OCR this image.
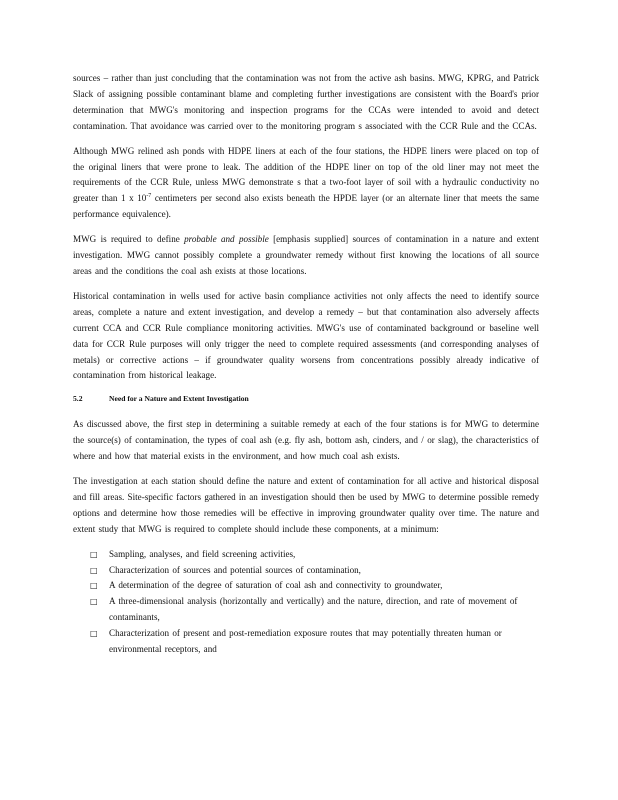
sources – rather than just concluding that the contamination was not from the active ash basins. MWG, KPRG, and Patrick Slack of assigning possible contaminant blame and completing further investigations are consistent with the Board's prior determination that MWG's monitoring and inspection programs for the CCAs were intended to avoid and detect contamination. That avoidance was carried over to the monitoring program s associated with the CCR Rule and the CCAs.

Although MWG relined ash ponds with HDPE liners at each of the four stations, the HDPE liners were placed on top of the original liners that were prone to leak. The addition of the HDPE liner on top of the old liner may not meet the requirements of the CCR Rule, unless MWG demonstrate s that a two-foot layer of soil with a hydraulic conductivity no greater than 1 x $10^{-7}$ centimeters per second also exists beneath the HPDE layer (or an alternate liner that meets the same performance equivalence).

MWG is required to define probable and possible [emphasis supplied] sources of contamination in a nature and extent investigation. MWG cannot possibly complete a groundwater remedy without first knowing the locations of all source areas and the conditions the coal ash exists at those locations.

Historical contamination in wells used for active basin compliance activities not only affects the need to identify source areas, complete a nature and extent investigation, and develop a remedy – but that contamination also adversely affects current CCA and CCR Rule compliance monitoring activities. MWG's use of contaminated background or baseline well data for CCR Rule purposes will only trigger the need to complete required assessments (and corresponding analyses of metals) or corrective actions – if groundwater quality worsens from concentrations possibly already indicative of contamination from historical leakage.

5.2	Need for a Nature and Extent Investigation

As discussed above, the first step in determining a suitable remedy at each of the four stations is for MWG to determine the source(s) of contamination, the types of coal ash (e.g. fly ash, bottom ash, cinders, and / or slag), the characteristics of where and how that material exists in the environment, and how much coal ash exists.

The investigation at each station should define the nature and extent of contamination for all active and historical disposal and fill areas. Site-specific factors gathered in an investigation should then be used by MWG to determine possible remedy options and determine how those remedies will be effective in improving groundwater quality over time. The nature and extent study that MWG is required to complete should include these components, at a minimum:

□ Sampling, analyses, and field screening activities,
□ Characterization of sources and potential sources of contamination,
□ A determination of the degree of saturation of coal ash and connectivity to groundwater,
□ A three-dimensional analysis (horizontally and vertically) and the nature, direction, and rate of movement of contaminants,
□ Characterization of present and post-remediation exposure routes that may potentially threaten human or environmental receptors, and
